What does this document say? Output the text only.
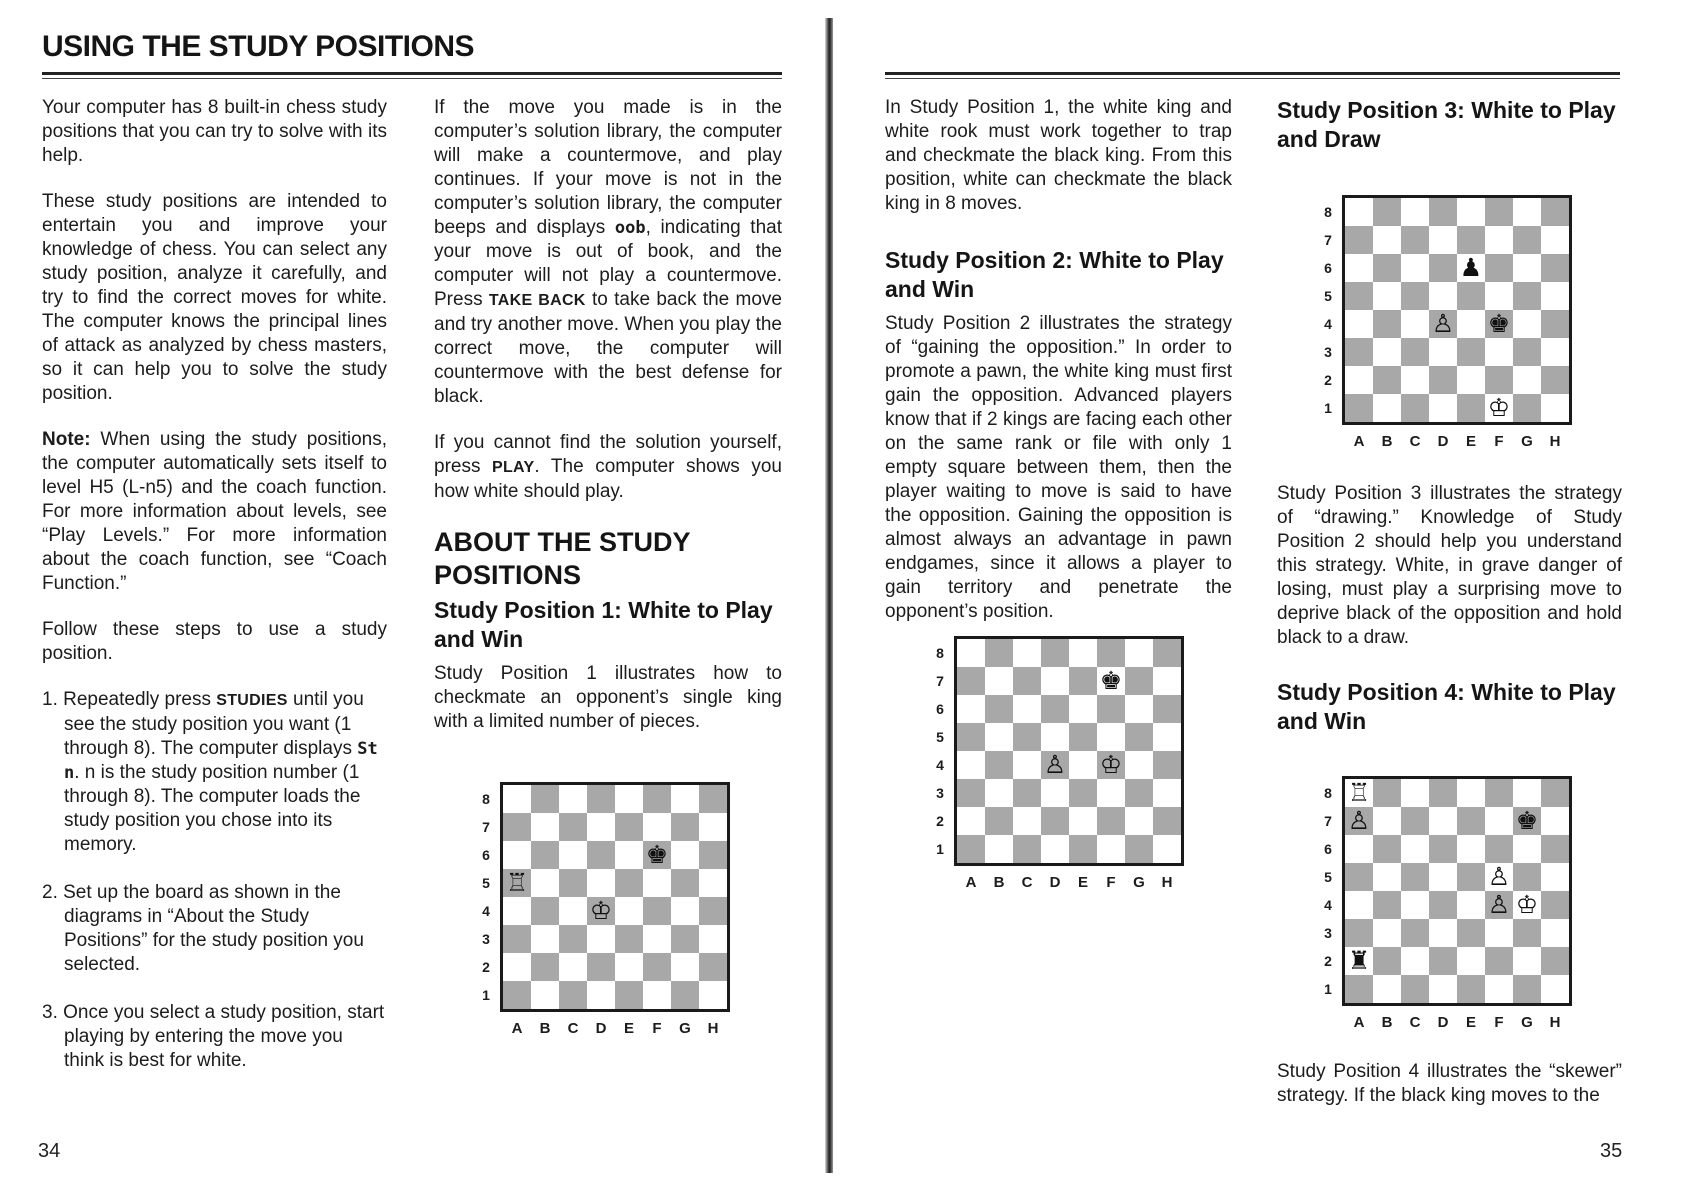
USING THE STUDY POSITIONS

Your computer has 8 built-in chess study positions that you can try to solve with its help.

These study positions are intended to entertain you and improve your knowledge of chess. You can select any study position, analyze it carefully, and try to find the correct moves for white. The computer knows the principal lines of attack as analyzed by chess masters, so it can help you to solve the study position.

Note: When using the study positions, the computer automatically sets itself to level H5 (L-n5) and the coach function. For more information about levels, see “Play Levels.” For more information about the coach function, see “Coach Function.”

Follow these steps to use a study position.

1. Repeatedly press STUDIES until you see the study position you want (1 through 8). The computer displays St n. n is the study position number (1 through 8). The computer loads the study position you chose into its memory.
2. Set up the board as shown in the diagrams in “About the Study Positions” for the study position you selected.
3. Once you select a study position, start playing by entering the move you think is best for white.
34

If the move you made is in the computer’s solution library, the computer will make a countermove, and play continues. If your move is not in the computer’s solution library, the computer beeps and displays oob, indicating that your move is out of book, and the computer will not play a countermove. Press TAKE BACK to take back the move and try another move. When you play the correct move, the computer will countermove with the best defense for black.

If you cannot find the solution yourself, press PLAY. The computer shows you how white should play.

ABOUT THE STUDY POSITIONS
Study Position 1: White to Play and Win

Study Position 1 illustrates how to checkmate an opponent’s single king with a limited number of pieces.

8
7
6
5
4
3
2
1
♔
♖
♚
A	B	C	D	E	F	G	H

In Study Position 1, the white king and white rook must work together to trap and checkmate the black king. From this position, white can checkmate the black king in 8 moves.

Study Position 2: White to Play and Win

Study Position 2 illustrates the strategy of “gaining the opposition.” In order to promote a pawn, the white king must first gain the opposition. Advanced players know that if 2 kings are facing each other on the same rank or file with only 1 empty square between them, then the player waiting to move is said to have the opposition. Gaining the opposition is almost always an advantage in pawn endgames, since it allows a player to gain territory and penetrate the opponent’s position.

8
7
6
5
4
3
2
1
♚
♙ ♔
A	B	C	D	E	F	G	H
Study Position 3: White to Play and Draw
8
7
6
5
4
3
2
1
♟
♙ ♚
♔
A	B	C	D	E	F	G	H

Study Position 3 illustrates the strategy of “drawing.” Knowledge of Study Position 2 should help you understand this strategy. White, in grave danger of losing, must play a surprising move to deprive black of the opposition and hold black to a draw.

Study Position 4: White to Play and Win
8
7
6
5
4
3
2
1
♖
♙	♚
♙
♙ ♔
♜
A	B	C	D	E	F	G	H

Study Position 4 illustrates the “skewer” strategy. If the black king moves to the

35
